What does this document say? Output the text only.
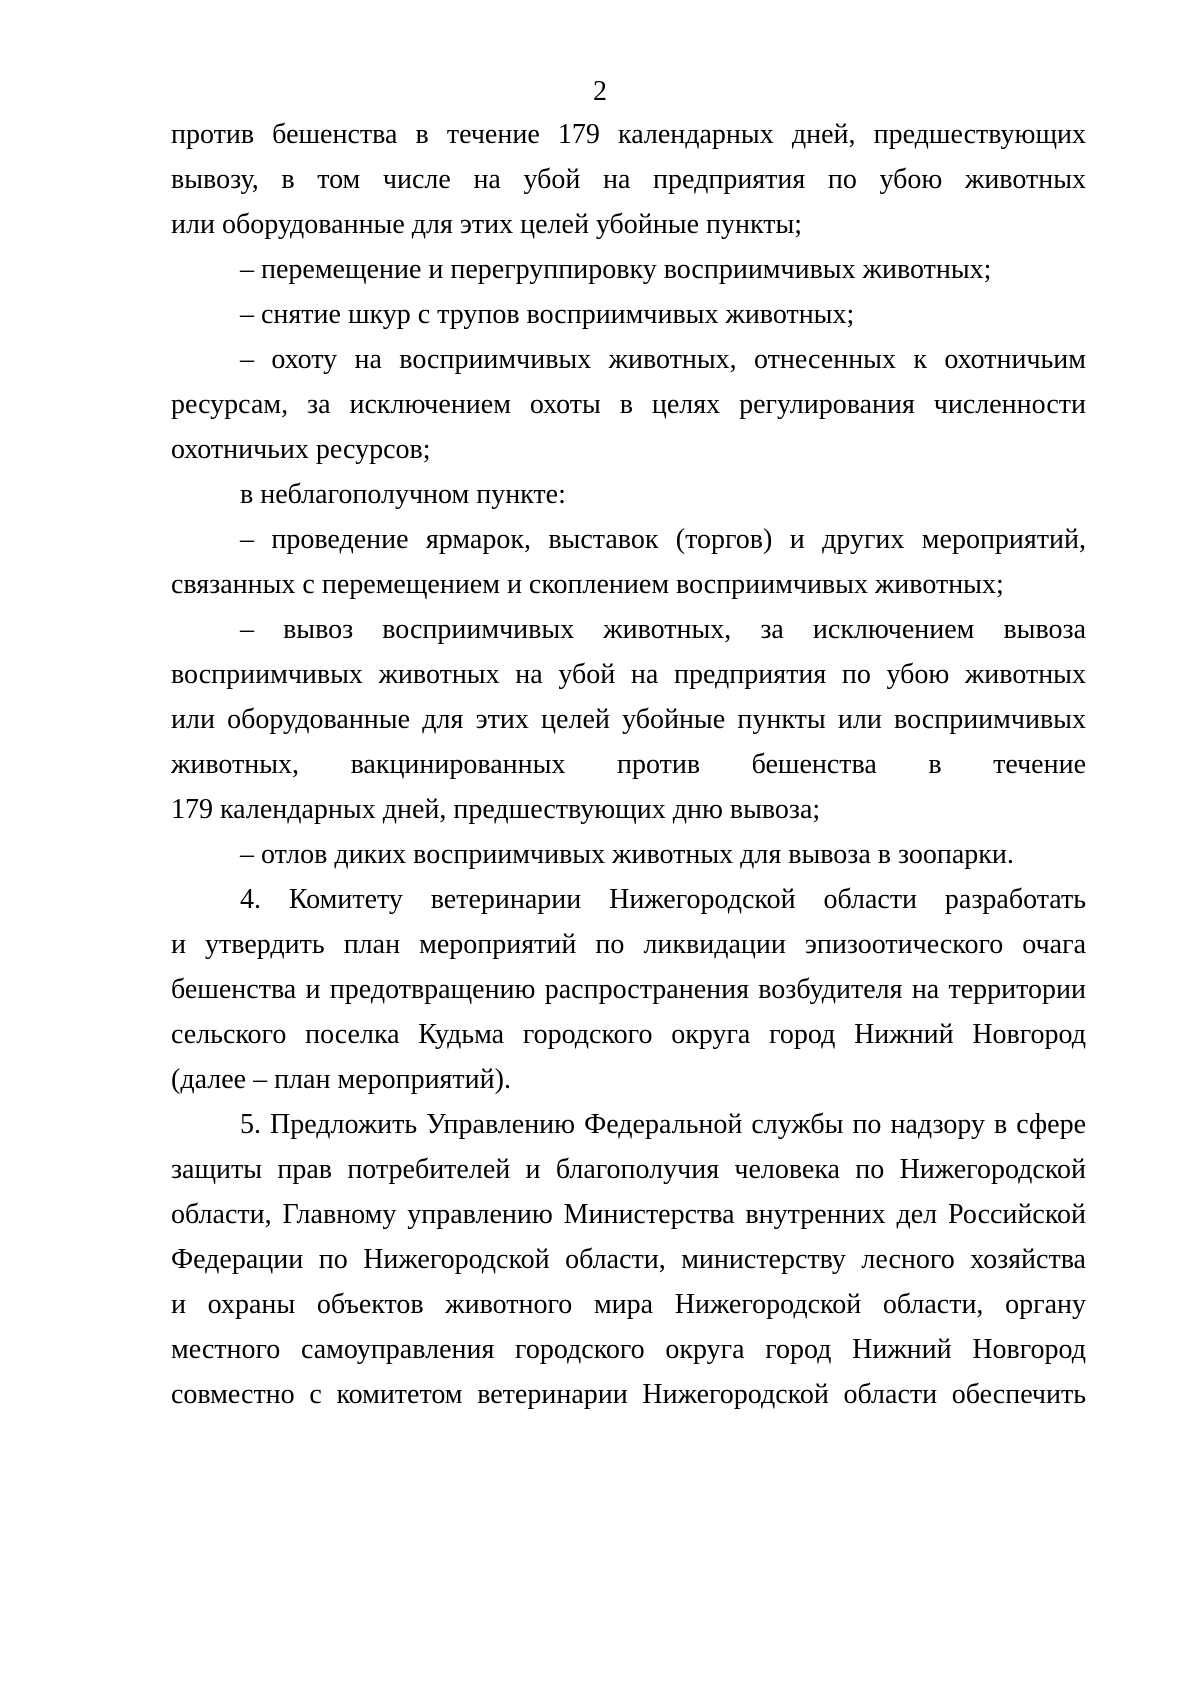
2
против бешенства в течение 179 календарных дней, предшествующих
вывозу, в том числе на убой на предприятия по убою животных
или оборудованные для этих целей убойные пункты;
– перемещение и перегруппировку восприимчивых животных;
– снятие шкур с трупов восприимчивых животных;
– охоту на восприимчивых животных, отнесенных к охотничьим
ресурсам, за исключением охоты в целях регулирования численности
охотничьих ресурсов;
в неблагополучном пункте:
– проведение ярмарок, выставок (торгов) и других мероприятий,
связанных с перемещением и скоплением восприимчивых животных;
– вывоз восприимчивых животных, за исключением вывоза
восприимчивых животных на убой на предприятия по убою животных
или оборудованные для этих целей убойные пункты или восприимчивых
животных, вакцинированных против бешенства в течение
179 календарных дней, предшествующих дню вывоза;
– отлов диких восприимчивых животных для вывоза в зоопарки.
4. Комитету ветеринарии Нижегородской области разработать
и утвердить план мероприятий по ликвидации эпизоотического очага
бешенства и предотвращению распространения возбудителя на территории
сельского поселка Кудьма городского округа город Нижний Новгород
(далее – план мероприятий).
5. Предложить Управлению Федеральной службы по надзору в сфере
защиты прав потребителей и благополучия человека по Нижегородской
области, Главному управлению Министерства внутренних дел Российской
Федерации по Нижегородской области, министерству лесного хозяйства
и охраны объектов животного мира Нижегородской области, органу
местного самоуправления городского округа город Нижний Новгород
совместно с комитетом ветеринарии Нижегородской области обеспечить
